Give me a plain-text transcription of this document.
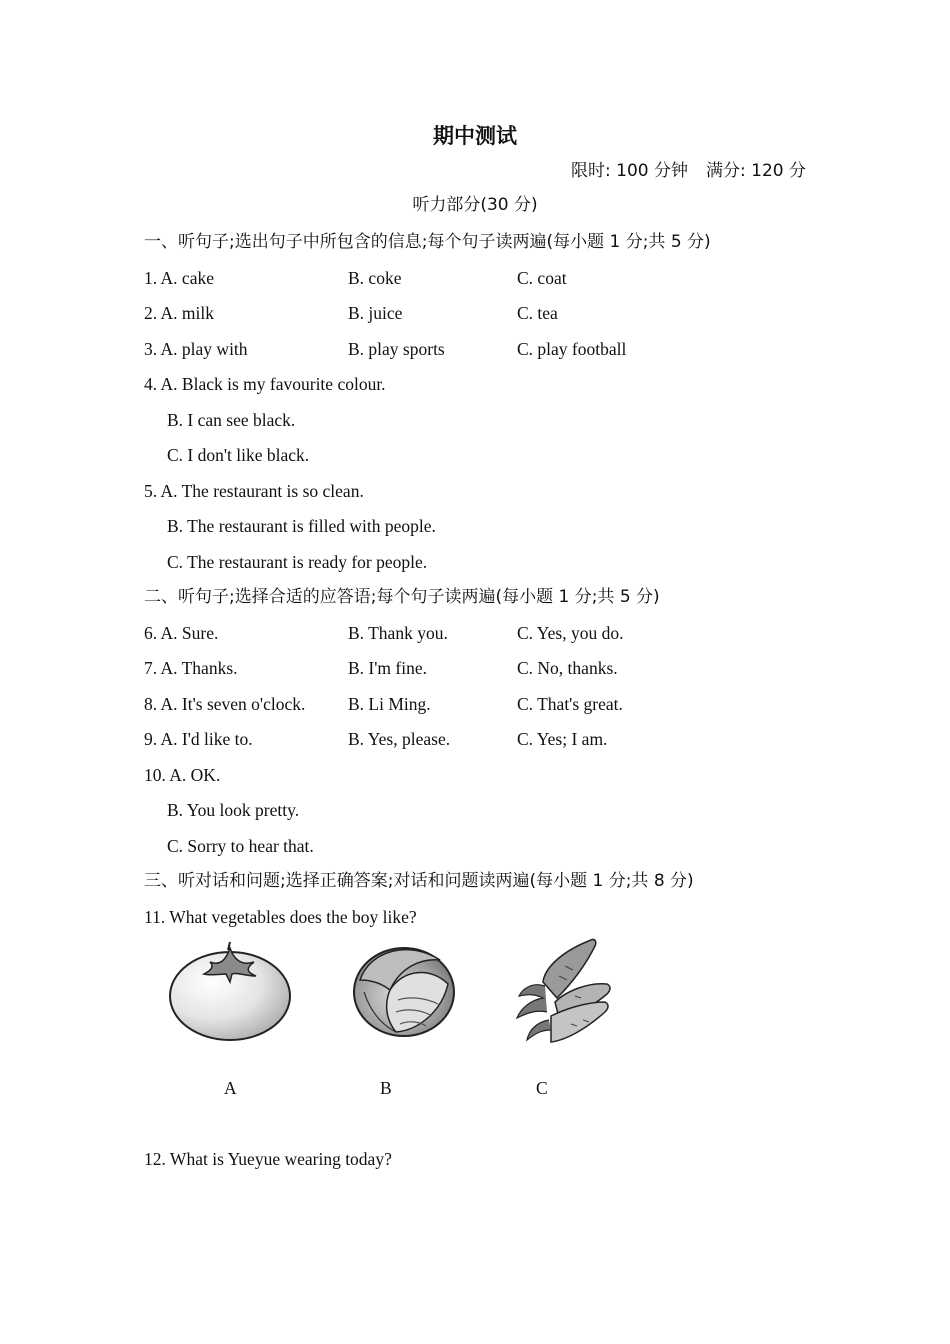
期中测试
限时: 100 分钟 满分: 120 分
听力部分(30 分)
一、听句子;选出句子中所包含的信息;每个句子读两遍(每小题 1 分;共 5 分)
1. A. cake	B. coke	C. coat
2. A. milk	B. juice	C. tea
3. A. play with	B. play sports	C. play football
4. A. Black is my favourite colour.
B. I can see black.
C. I don't like black.
5. A. The restaurant is so clean.
B. The restaurant is filled with people.
C. The restaurant is ready for people.
二、听句子;选择合适的应答语;每个句子读两遍(每小题 1 分;共 5 分)
6. A. Sure.	B. Thank you.	C. Yes, you do.
7. A. Thanks.	B. I'm fine.	C. No, thanks.
8. A. It's seven o'clock. B. Li Ming.	C. That's great.
9. A. I'd like to.	B. Yes, please.	C. Yes; I am.
10. A. OK.
B. You look pretty.
C. Sorry to hear that.
三、听对话和问题;选择正确答案;对话和问题读两遍(每小题 1 分;共 8 分)
11. What vegetables does the boy like?
A	B	C
12. What is Yueyue wearing today?
